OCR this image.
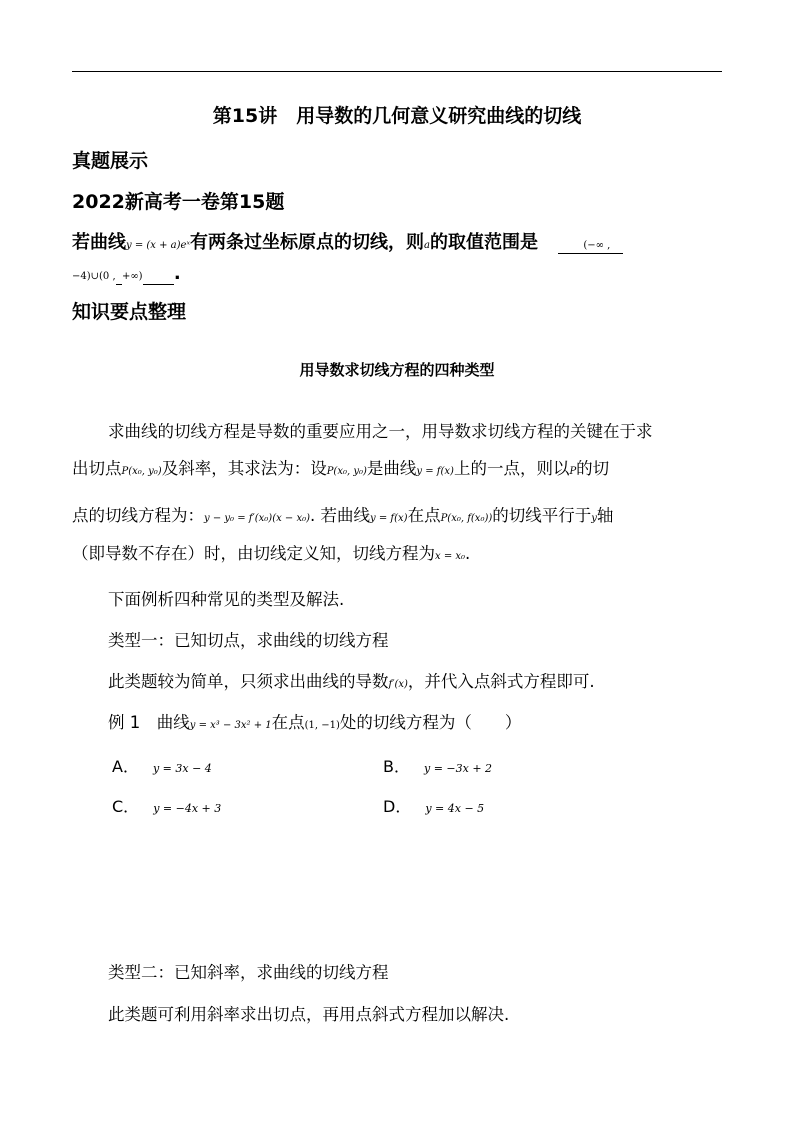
第15讲　用导数的几何意义研究曲线的切线
真题展示
2022新高考一卷第15题
若曲线y = (x + a)eˣ有两条过坐标原点的切线，则a的取值范围是	(−∞ ,
−4)∪(0 , +∞) .
知识要点整理
用导数求切线方程的四种类型
求曲线的切线方程是导数的重要应用之一，用导数求切线方程的关键在于求
出切点P(x₀, y₀)及斜率，其求法为：设P(x₀, y₀)是曲线y = f(x)上的一点，则以P的切
点的切线方程为：y − y₀ = f′(x₀)(x − x₀). 若曲线y = f(x)在点P(x₀, f(x₀))的切线平行于y轴
（即导数不存在）时，由切线定义知，切线方程为x = x₀.
下面例析四种常见的类型及解法.
类型一：已知切点，求曲线的切线方程
此类题较为简单，只须求出曲线的导数f′(x)，并代入点斜式方程即可.
例 1　曲线y = x³ − 3x² + 1在点(1, −1)处的切线方程为（　　）
A． y = 3x − 4	B． y = −3x + 2
C． y = −4x + 3	D． y = 4x − 5
类型二：已知斜率，求曲线的切线方程
此类题可利用斜率求出切点，再用点斜式方程加以解决.
